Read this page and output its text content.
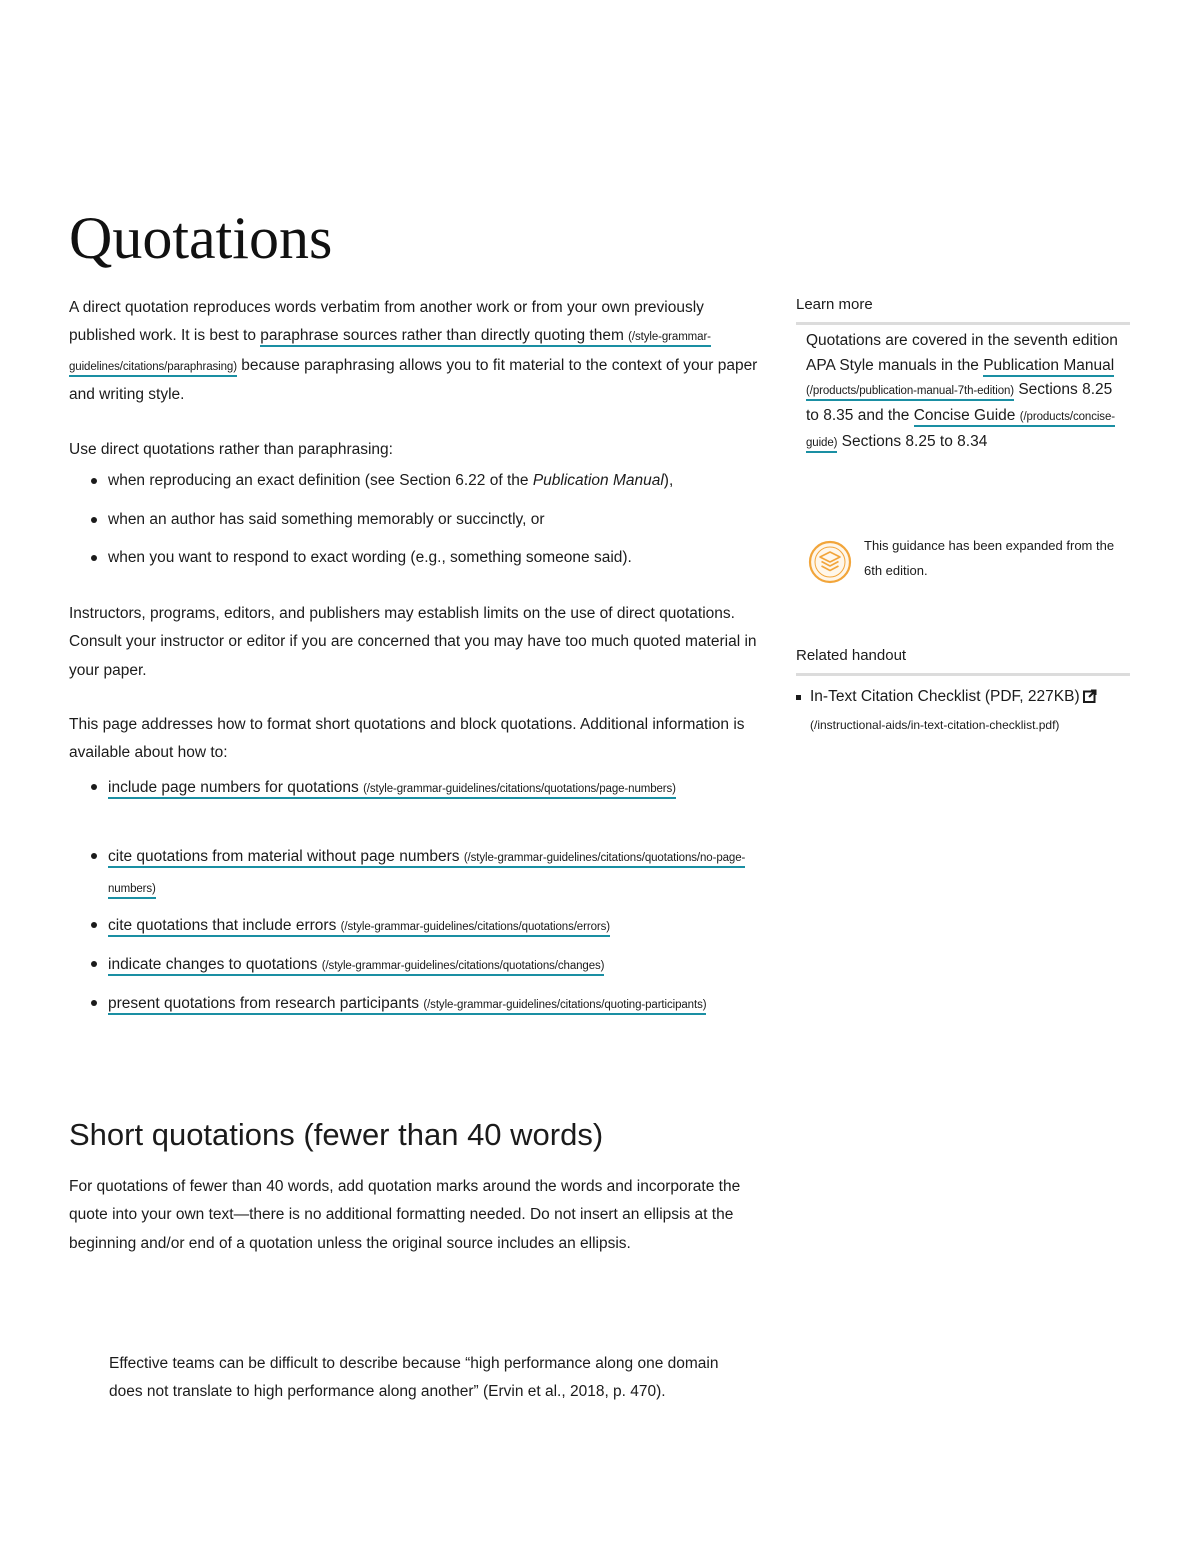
Quotations

A direct quotation reproduces words verbatim from another work or from your own previously published work. It is best to paraphrase sources rather than directly quoting them (/style-grammar-guidelines/citations/paraphrasing) because paraphrasing allows you to fit material to the context of your paper and writing style.

Use direct quotations rather than paraphrasing:

when reproducing an exact definition (see Section 6.22 of the Publication Manual),
when an author has said something memorably or succinctly, or
when you want to respond to exact wording (e.g., something someone said).

Instructors, programs, editors, and publishers may establish limits on the use of direct quotations. Consult your instructor or editor if you are concerned that you may have too much quoted material in your paper.

This page addresses how to format short quotations and block quotations. Additional information is available about how to:

include page numbers for quotations (/style-grammar-guidelines/citations/quotations/page-numbers)
cite quotations from material without page numbers (/style-grammar-guidelines/citations/quotations/no-page-numbers)
cite quotations that include errors (/style-grammar-guidelines/citations/quotations/errors)
indicate changes to quotations (/style-grammar-guidelines/citations/quotations/changes)
present quotations from research participants (/style-grammar-guidelines/citations/quoting-participants)
Short quotations (fewer than 40 words)

For quotations of fewer than 40 words, add quotation marks around the words and incorporate the quote into your own text—there is no additional formatting needed. Do not insert an ellipsis at the beginning and/or end of a quotation unless the original source includes an ellipsis.

Effective teams can be difficult to describe because “high performance along one domain does not translate to high performance along another” (Ervin et al., 2018, p. 470).

Learn more

Quotations are covered in the seventh edition APA Style manuals in the Publication Manual (/products/publication-manual-7th-edition) Sections 8.25 to 8.35 and the Concise Guide (/products/concise-guide) Sections 8.25 to 8.34

This guidance has been expanded from the 6th edition.

Related handout
In-Text Citation Checklist (PDF, 227KB)
(/instructional-aids/in-text-citation-checklist.pdf)
